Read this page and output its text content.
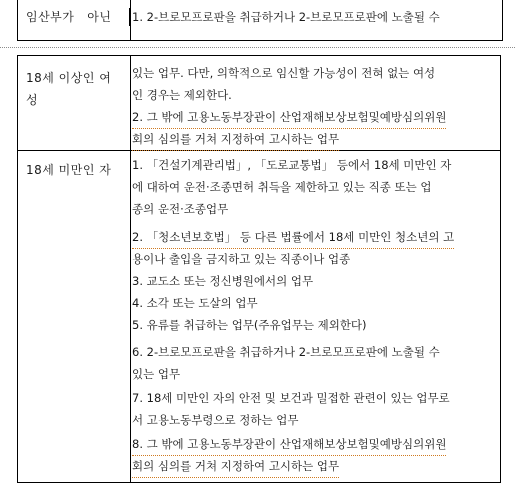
임산부가   아닌 1. 2-브로모프로판을 취급하거나 2-브로모프로판에 노출될 수
18세 이상인 여
성
있는 업무. 다만, 의학적으로 임신할 가능성이 전혀 없는 여성
인 경우는 제외한다.
2. 그 밖에 고용노동부장관이 산업재해보상보험및예방심의위원
회의 심의를 거쳐 지정하여 고시하는 업무
18세 미만인 자 1. 「건설기계관리법」, 「도로교통법」 등에서 18세 미만인 자
에 대하여 운전·조종면허 취득을 제한하고 있는 직종 또는 업
종의 운전·조종업무
2. 「청소년보호법」 등 다른 법률에서 18세 미만인 청소년의 고
용이나 출입을 금지하고 있는 직종이나 업종
3. 교도소 또는 정신병원에서의 업무
4. 소각 또는 도살의 업무
5. 유류를 취급하는 업무(주유업무는 제외한다)
6. 2-브로모프로판을 취급하거나 2-브로모프로판에 노출될 수
있는 업무
7. 18세 미만인 자의 안전 및 보건과 밀접한 관련이 있는 업무로
서 고용노동부령으로 정하는 업무
8. 그 밖에 고용노동부장관이 산업재해보상보험및예방심의위원
회의 심의를 거쳐 지정하여 고시하는 업무
